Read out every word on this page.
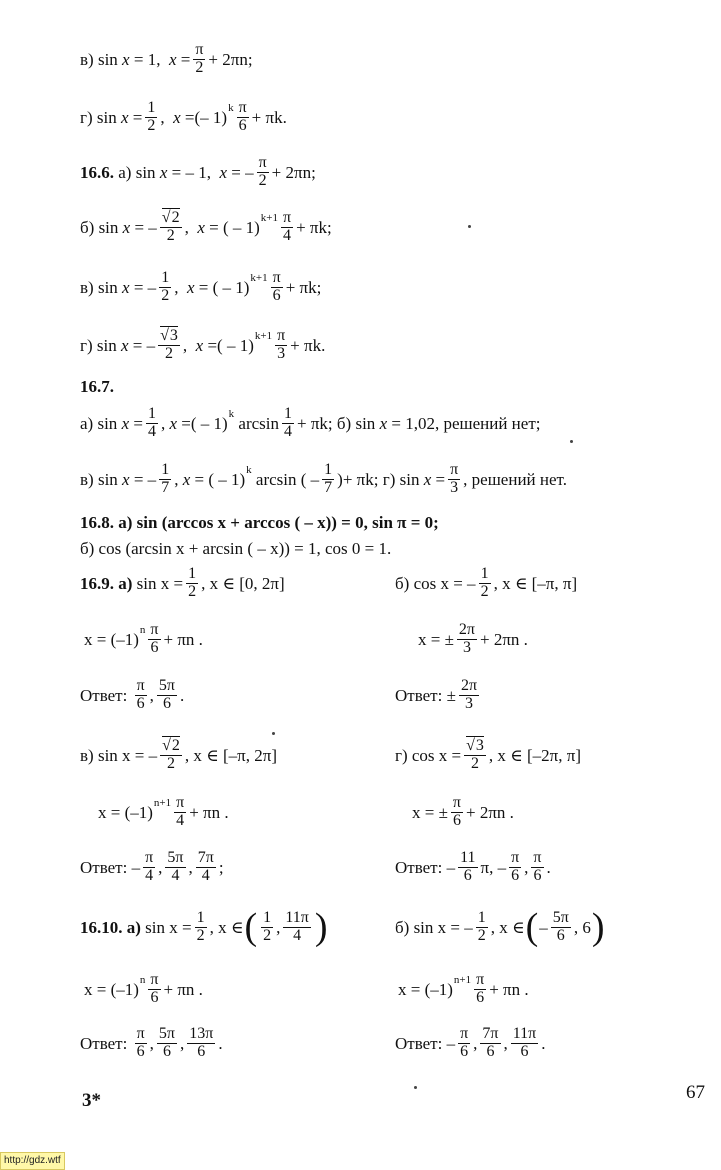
в)
sin
x
=
1,
x
= $\frac{\pi}{2} + 2\pi n$;
г)
sin
x
= $\frac{1}{2}$ ,
x
=(– 1) k π
6 + πk.
16.6.
а)
sin
x
= – 1,
x
= –
π
2 + 2πn;
б)
sin
x
= –
√ 2
2 ,
x
= ( – 1) k+1 π
4 + πk;
в)
sin
x
= –
1
2 ,
x
= ( – 1) k+1 π
6 + πk;
г)
sin
x
= –
√ 3
2 ,
x
=( – 1) k+1 π
3 + πk.
16.7.
а)
sin
x
= $\frac{1}{4}$ ,
x
=( – 1) k
arcsin
1
4 + πk; б) sin
x
= 1,02, решений нет;
в)
sin
x
= –
1
7 ,
x
= ( – 1) k
arcsin ( –
1
7 )+ πk; г) sin
x
= $\frac{\pi}{3}$ , решений нет.
16.8. а) sin (arccos x + arccos ( – x)) = 0, sin π = 0;
б) cos (arcsin x + arcsin ( – x)) = 1, cos 0 = 1.
16.9. а)
$\sin x = \frac{1}{2}$ , x ∈ [0, 2π]	б)
cos x = –
1
2 , x ∈ [–π, π]
x = (–1) n π
6 + πn .	x = ± $\frac{2\pi}{3} + 2\pi n$ .
Ответ:

π
6 ,
5π
6 .	Ответ:
± $\frac{2\pi}{3}$
в)
sin x = –
√ 2
2 , x ∈ [–π, 2π]	г)
cos x =
√ $\frac{3}{2}$ , x ∈ [–2π, π]
x = (–1) n+1 π
4 + πn .	x = ± $\frac{\pi}{6} + 2\pi n$ .
Ответ: –
π
4 ,
5π
4 ,
7π
4 ;	Ответ: –
11
6 π, –
π
6 ,
π
6 .
16.10. а)
$\sin x = \frac{1}{2}$ , x ∈ ( 1
2 ,
11π
4 )	б)
sin x = –
1
2 , x ∈ ( –
5π
6 , 6 )
x = (–1) n π
6 + πn .	x = (–1) n+1 π
6 + πn .
Ответ:

π
6 ,
5π
6 ,
13π
6 .	Ответ: –
π
6 ,
7π
6 ,
11π
6 .
3*	67
http://gdz.wtf
